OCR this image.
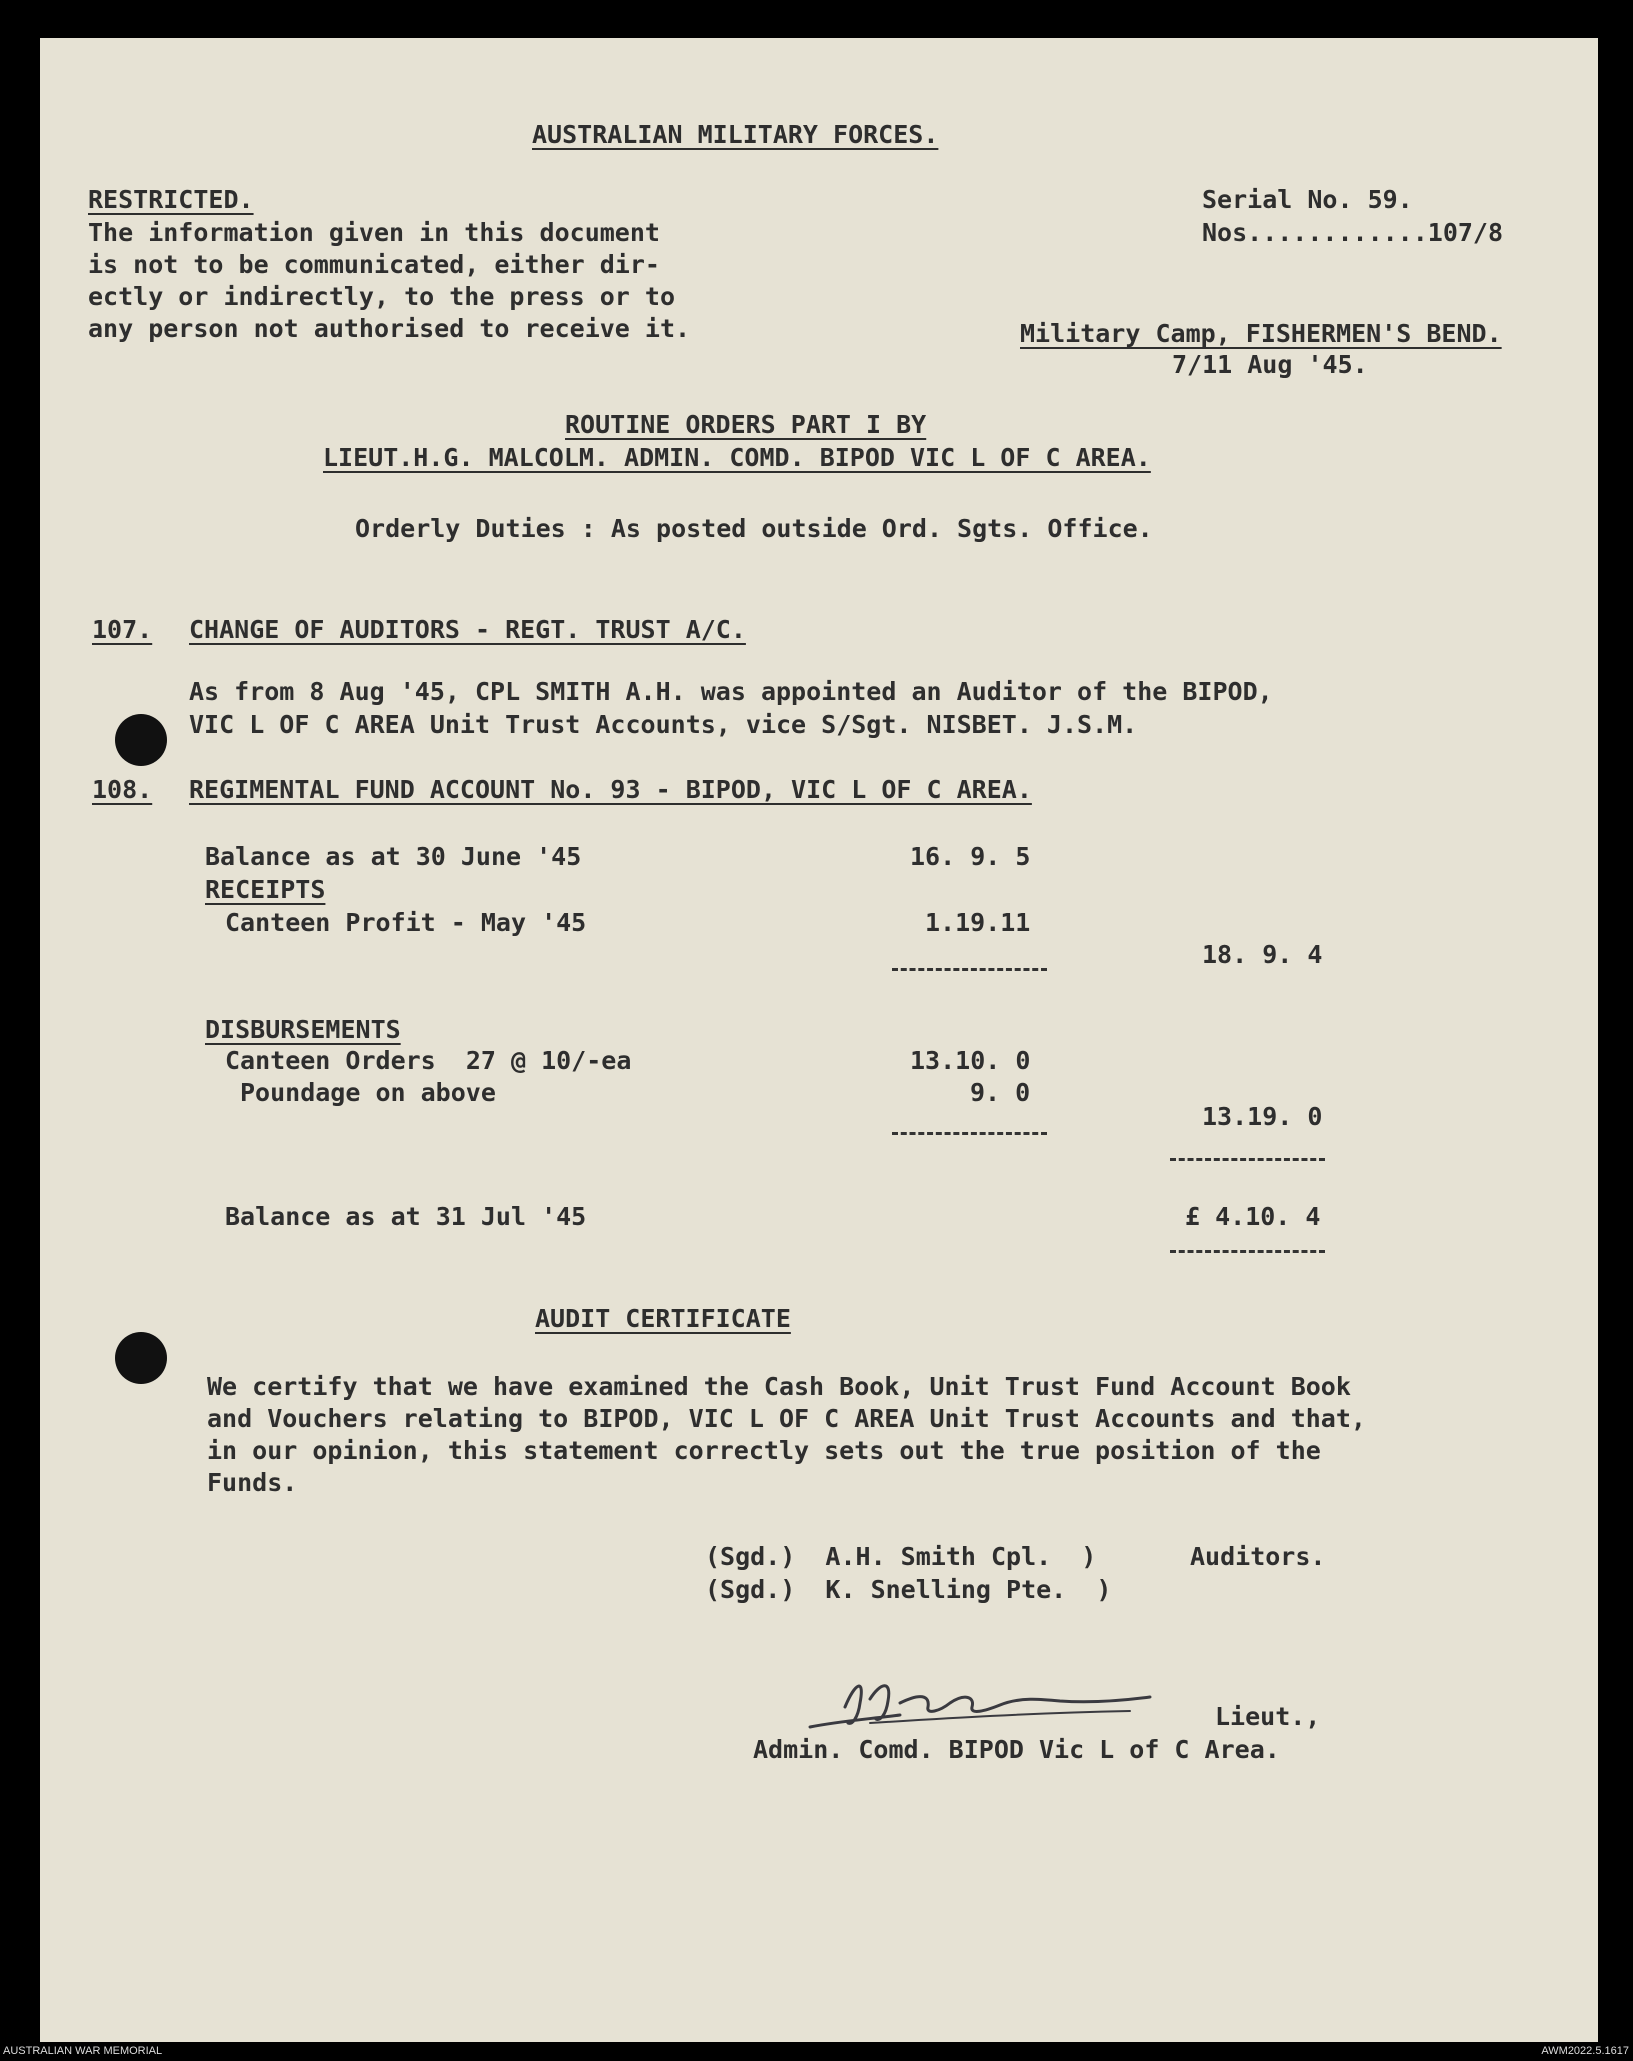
AUSTRALIAN MILITARY FORCES.
RESTRICTED.
The information given in this document
is not to be communicated, either dir-
ectly or indirectly, to the press or to
any person not authorised to receive it.
Serial No. 59.
Nos............107/8
Military Camp, FISHERMEN'S BEND.
7/11 Aug '45.
ROUTINE ORDERS PART I BY
LIEUT.H.G. MALCOLM. ADMIN. COMD. BIPOD VIC L OF C AREA.
Orderly Duties : As posted outside Ord. Sgts. Office.
107. CHANGE OF AUDITORS - REGT. TRUST A/C.
As from 8 Aug '45, CPL SMITH A.H. was appointed an Auditor of the BIPOD,
VIC L OF C AREA Unit Trust Accounts, vice S/Sgt. NISBET. J.S.M.
108. REGIMENTAL FUND ACCOUNT No. 93 - BIPOD, VIC L OF C AREA.
Balance as at 30 June '45	16. 9. 5
RECEIPTS
Canteen Profit - May '45	1.19.11
18. 9. 4
DISBURSEMENTS
Canteen Orders  27 @ 10/-ea	13.10. 0
Poundage on above	9. 0
13.19. 0
Balance as at 31 Jul '45	£ 4.10. 4
AUDIT CERTIFICATE
We certify that we have examined the Cash Book, Unit Trust Fund Account Book
and Vouchers relating to BIPOD, VIC L OF C AREA Unit Trust Accounts and that,
in our opinion, this statement correctly sets out the true position of the
Funds.
(Sgd.)  A.H. Smith Cpl.  )
(Sgd.)  K. Snelling Pte.  )
Auditors.
Lieut.,
Admin. Comd. BIPOD Vic L of C Area.
AUSTRALIAN WAR MEMORIAL	AWM2022.5.1617
